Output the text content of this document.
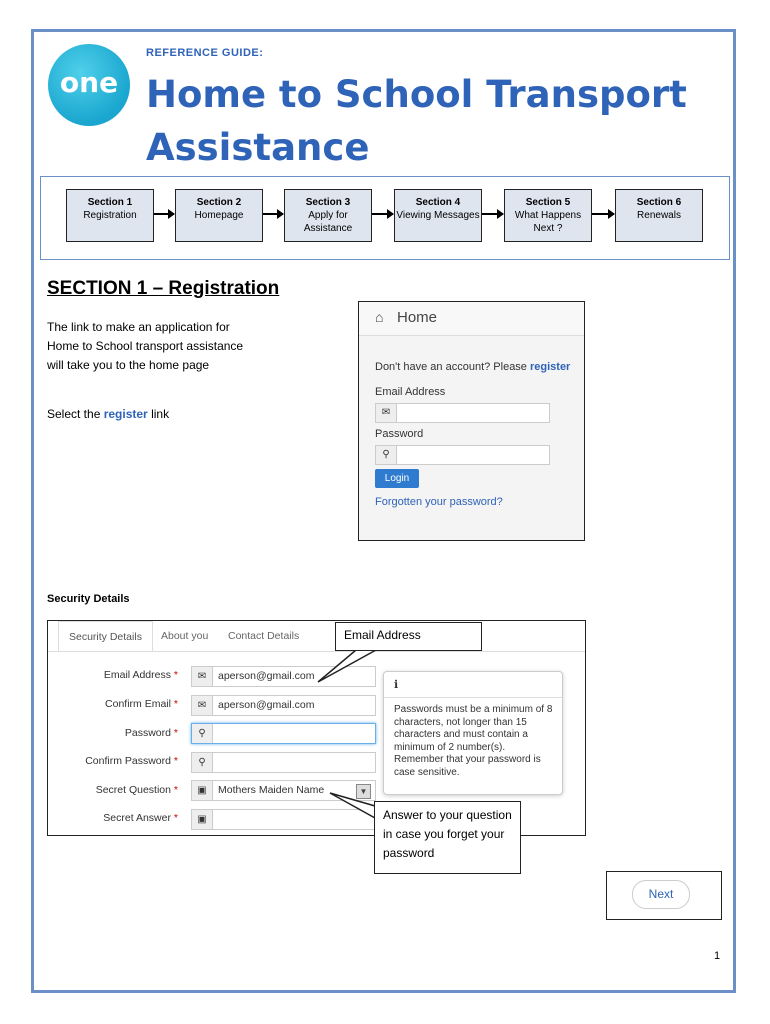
one
REFERENCE GUIDE:
Home to School Transport Assistance
Section 1
Registration
Section 2
Homepage
Section 3
Apply for Assistance
Section 4
Viewing Messages
Section 5
What Happens Next ?
Section 6
Renewals
SECTION 1 – Registration
The link to make an application for Home to School transport assistance will take you to the home page
Select the register link
⌂ Home
Don't have an account? Please register
Email Address
✉
Password
⚲
Login
Forgotten your password?
Security Details
Security Details	About you Contact Details
Email Address *	✉	aperson@gmail.com
Confirm Email *	✉	aperson@gmail.com
Password *	⚲
Confirm Password *	⚲
Secret Question *	▣	Mothers Maiden Name	▼
Secret Answer *	▣
ℹ
Passwords must be a minimum of 8 characters, not longer than 15 characters and must contain a minimum of 2 number(s). Remember that your password is case sensitive.
Email Address
Answer to your question in case you forget your password
Next
1
